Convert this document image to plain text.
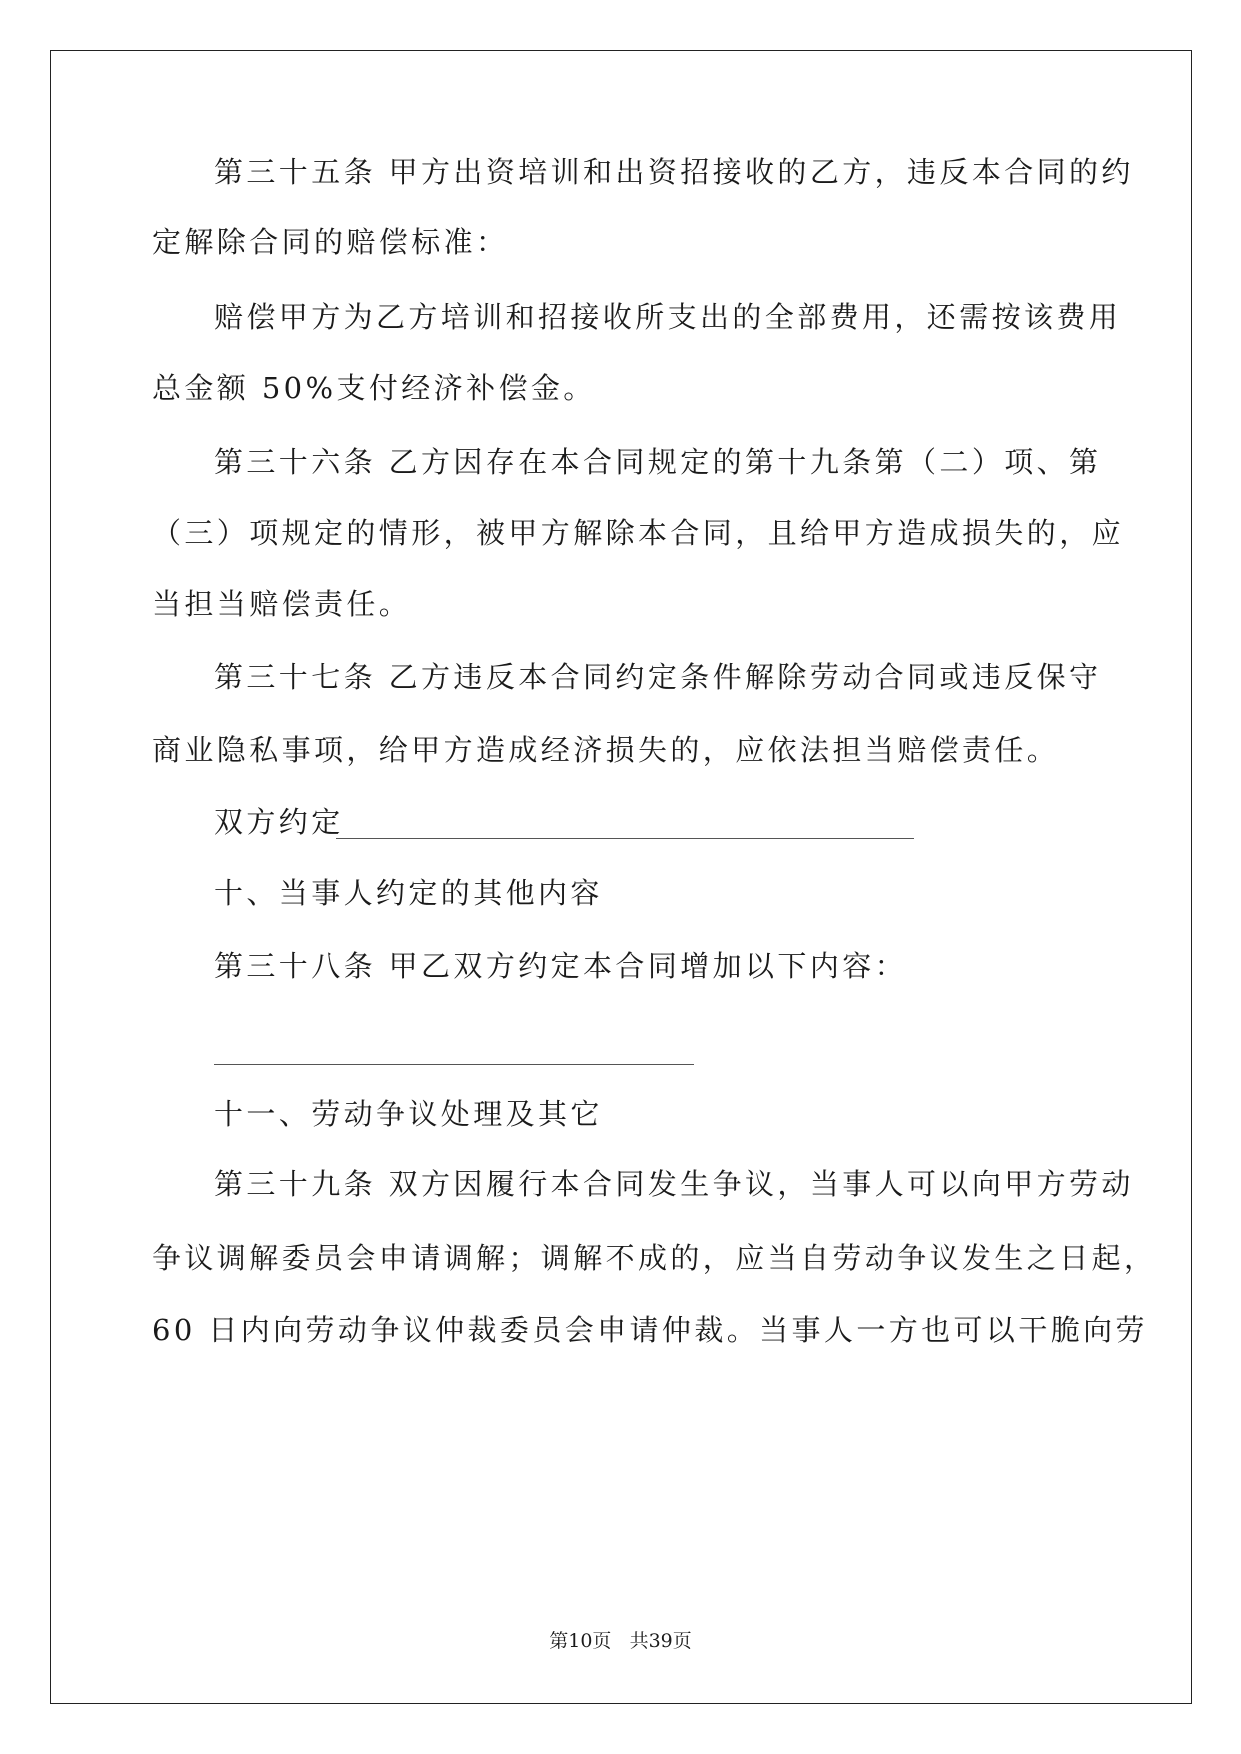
第三十五条 甲方出资培训和出资招接收的乙方，违反本合同的约
定解除合同的赔偿标准：
赔偿甲方为乙方培训和招接收所支出的全部费用，还需按该费用
总金额 50%支付经济补偿金。
第三十六条 乙方因存在本合同规定的第十九条第（二）项、第
（三）项规定的情形，被甲方解除本合同，且给甲方造成损失的，应
当担当赔偿责任。
第三十七条 乙方违反本合同约定条件解除劳动合同或违反保守
商业隐私事项，给甲方造成经济损失的，应依法担当赔偿责任。
双方约定
十、当事人约定的其他内容
第三十八条 甲乙双方约定本合同增加以下内容：
十一、劳动争议处理及其它
第三十九条 双方因履行本合同发生争议，当事人可以向甲方劳动
争议调解委员会申请调解；调解不成的，应当自劳动争议发生之日起，
60 日内向劳动争议仲裁委员会申请仲裁。当事人一方也可以干脆向劳
第10页 共39页
